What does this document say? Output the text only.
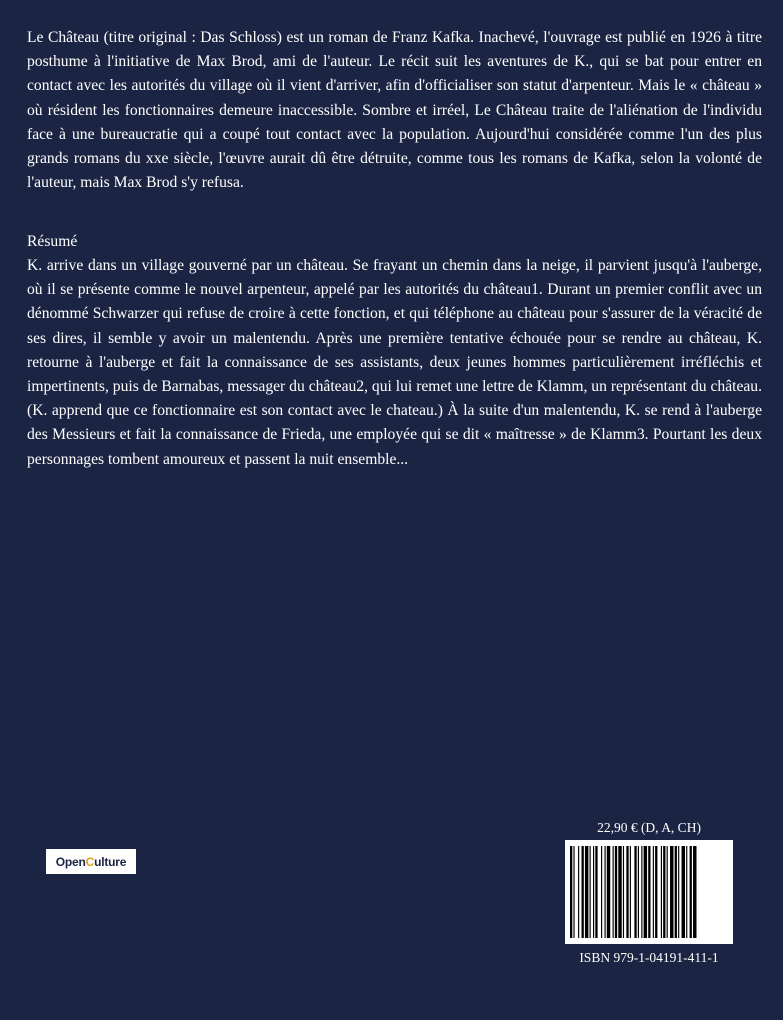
Le Château (titre original : Das Schloss) est un roman de Franz Kafka. Inachevé, l'ouvrage est publié en 1926 à titre posthume à l'initiative de Max Brod, ami de l'auteur. Le récit suit les aventures de K., qui se bat pour entrer en contact avec les autorités du village où il vient d'arriver, afin d'officialiser son statut d'arpenteur. Mais le « château » où résident les fonctionnaires demeure inaccessible. Sombre et irréel, Le Château traite de l'aliénation de l'individu face à une bureaucratie qui a coupé tout contact avec la population. Aujourd'hui considérée comme l'un des plus grands romans du xxe siècle, l'œuvre aurait dû être détruite, comme tous les romans de Kafka, selon la volonté de l'auteur, mais Max Brod s'y refusa.

Résumé

K. arrive dans un village gouverné par un château. Se frayant un chemin dans la neige, il parvient jusqu'à l'auberge, où il se présente comme le nouvel arpenteur, appelé par les autorités du château1. Durant un premier conflit avec un dénommé Schwarzer qui refuse de croire à cette fonction, et qui téléphone au château pour s'assurer de la véracité de ses dires, il semble y avoir un malentendu. Après une première tentative échouée pour se rendre au château, K. retourne à l'auberge et fait la connaissance de ses assistants, deux jeunes hommes particulièrement irréfléchis et impertinents, puis de Barnabas, messager du château2, qui lui remet une lettre de Klamm, un représentant du château. (K. apprend que ce fonctionnaire est son contact avec le chateau.) À la suite d'un malentendu, K. se rend à l'auberge des Messieurs et fait la connaissance de Frieda, une employée qui se dit « maîtresse » de Klamm3. Pourtant les deux personnages tombent amoureux et passent la nuit ensemble...

Open C ulture
22,90 € (D, A, CH)
ISBN 979-1-04191-411-1
